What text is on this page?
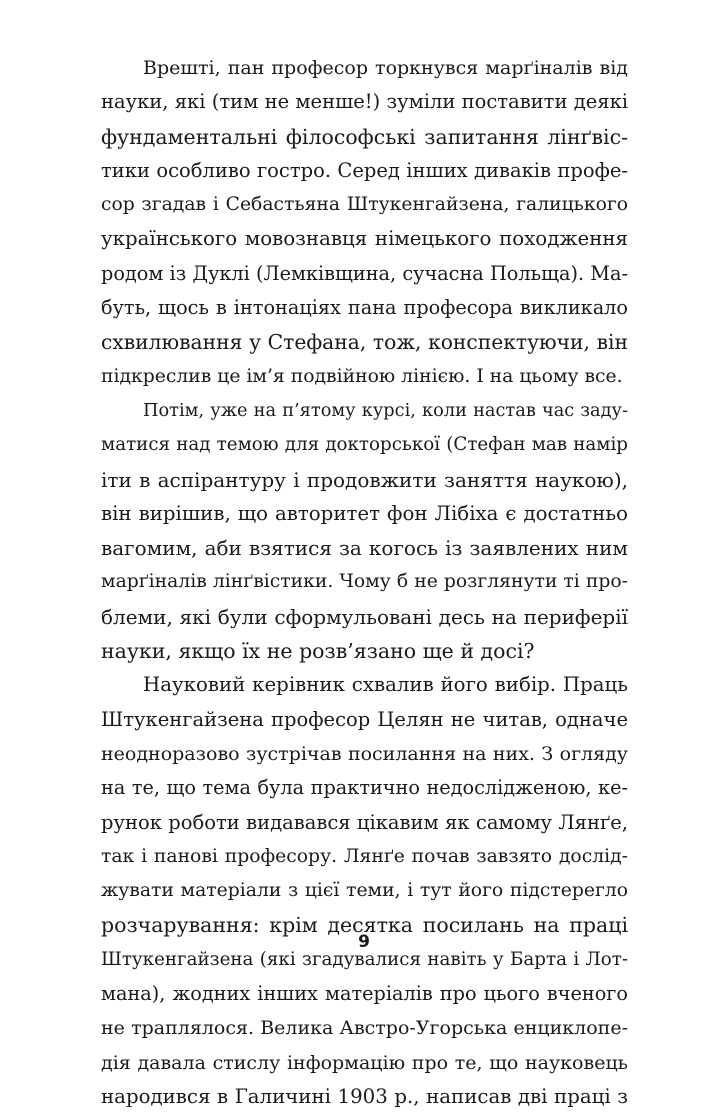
Врешті, пан професор торкнувся марґіналів від
науки, які (тим не менше!) зуміли поставити деякі
фундаментальні філософські запитання лінґвіс-
тики особливо гостро. Серед інших диваків профе-
сор згадав і Себастьяна Штукенгайзена, галицького
українського мовознавця німецького походження
родом із Дуклі (Лемківщина, сучасна Польща). Ма-
буть, щось в інтонаціях пана професора викликало
схвилювання у Стефана, тож, конспектуючи, він
підкреслив це ім’я подвійною лінією. І на цьому все.
Потім, уже на п’ятому курсі, коли настав час заду-
матися над темою для докторської (Стефан мав намір
іти в аспірантуру і продовжити заняття наукою),
він вирішив, що авторитет фон Лібіха є достатньо
вагомим, аби взятися за когось із заявлених ним
марґіналів лінґвістики. Чому б не розглянути ті про-
блеми, які були сформульовані десь на периферії
науки, якщо їх не розв’язано ще й досі?
Науковий керівник схвалив його вибір. Праць
Штукенгайзена професор Целян не читав, одначе
неодноразово зустрічав посилання на них. З огляду
на те, що тема була практично недослідженою, ке-
рунок роботи видавався цікавим як самому Лянґе,
так і панові професору. Лянґе почав завзято дослід-
жувати матеріали з цієї теми, і тут його підстерегло
розчарування: крім десятка посилань на праці
Штукенгайзена (які згадувалися навіть у Барта і Лот-
мана), жодних інших матеріалів про цього вченого
не траплялося. Велика Австро-Угорська енциклопе-
дія давала стислу інформацію про те, що науковець
народився в Галичині 1903 р., написав дві праці з
9
